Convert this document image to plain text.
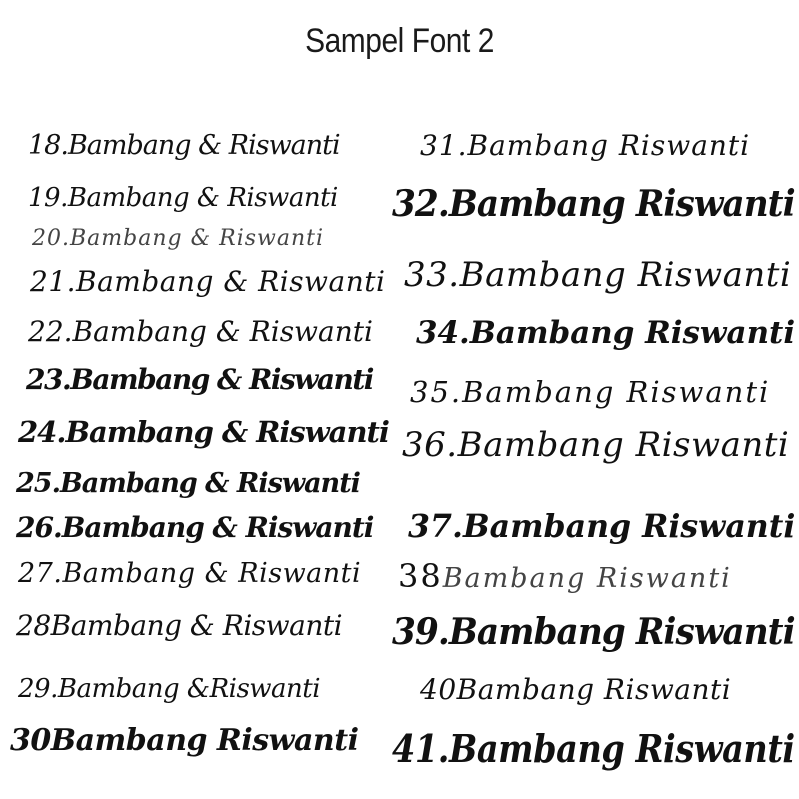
Sampel Font 2
18.Bambang & Riswanti
19.Bambang & Riswanti
20.Bambang & Riswanti
21.Bambang & Riswanti
22.Bambang & Riswanti
23.Bambang & Riswanti
24.Bambang & Riswanti
25.Bambang & Riswanti
26.Bambang & Riswanti
27.Bambang & Riswanti
28Bambang & Riswanti
29.Bambang &Riswanti
30Bambang Riswanti
31.Bambang Riswanti
32.Bambang Riswanti
33.Bambang Riswanti
34.Bambang Riswanti
35.Bambang Riswanti
36.Bambang Riswanti
37.Bambang Riswanti
38Bambang Riswanti
39.Bambang Riswanti
40Bambang Riswanti
41.Bambang Riswanti
